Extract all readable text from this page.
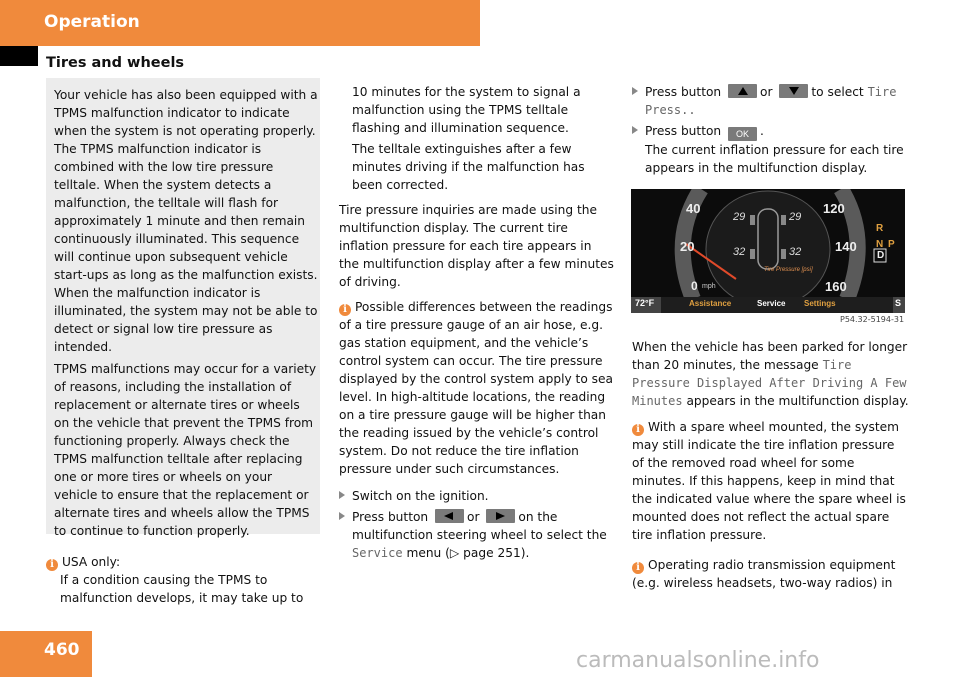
Operation
Tires and wheels

Your vehicle has also been equipped with a TPMS malfunction indicator to indicate when the system is not operating properly. The TPMS malfunction indicator is combined with the low tire pressure telltale. When the system detects a malfunction, the telltale will flash for approximately 1 minute and then remain continuously illuminated. This sequence will continue upon subsequent vehicle start-ups as long as the malfunction exists. When the malfunction indicator is illuminated, the system may not be able to detect or signal low tire pressure as intended.

TPMS malfunctions may occur for a variety of reasons, including the installation of replacement or alternate tires or wheels on the vehicle that prevent the TPMS from functioning properly. Always check the TPMS malfunction telltale after replacing one or more tires or wheels on your vehicle to ensure that the replacement or alternate tires and wheels allow the TPMS to continue to function properly.

i USA only:
If a condition causing the TPMS to malfunction develops, it may take up to

10 minutes for the system to signal a malfunction using the TPMS telltale flashing and illumination sequence.

The telltale extinguishes after a few minutes driving if the malfunction has been corrected.

Tire pressure inquiries are made using the multifunction display. The current tire inflation pressure for each tire appears in the multifunction display after a few minutes of driving.

i Possible differences between the readings of a tire pressure gauge of an air hose, e.g. gas station equipment, and the vehicle’s control system can occur. The tire pressure displayed by the control system apply to sea level. In high-altitude locations, the reading on a tire pressure gauge will be higher than the reading issued by the vehicle’s control system. Do not reduce the tire inflation pressure under such circumstances.
Switch on the ignition.
Press button	or	on the multifunction steering wheel to select the Service menu (▷ page 251).
Press button	or	to select Tire Press..
Press button OK .
The current inflation pressure for each tire appears in the multifunction display.
40
20
0 mph
120
140
160
29	29
32	32
Tire Pressure [psi]
R
N P
D
72°F	Assistance	Service Settings	S
P54.32-5194-31

When the vehicle has been parked for longer than 20 minutes, the message Tire Pressure Displayed After Driving A Few Minutes appears in the multifunction display.

i With a spare wheel mounted, the system may still indicate the tire inflation pressure of the removed road wheel for some minutes. If this happens, keep in mind that the indicated value where the spare wheel is mounted does not reflect the actual spare tire inflation pressure.
i Operating radio transmission equipment (e.g. wireless headsets, two-way radios) in
460	carmanualsonline.info
